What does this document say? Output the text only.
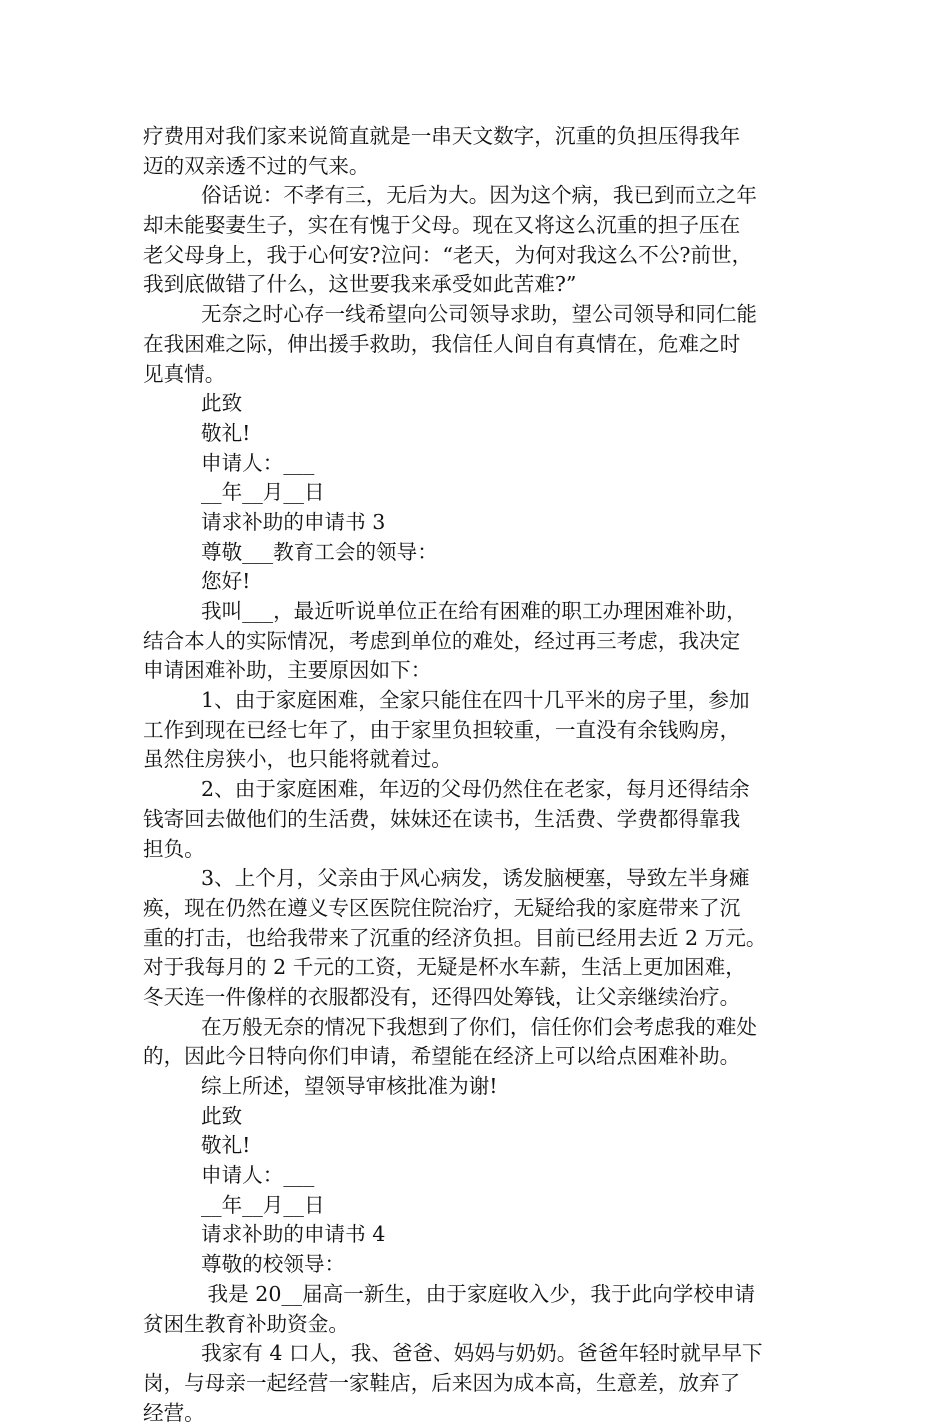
疗费用对我们家来说简直就是一串天文数字，沉重的负担压得我年
迈的双亲透不过的气来。
俗话说：不孝有三，无后为大。因为这个病，我已到而立之年
却未能娶妻生子，实在有愧于父母。现在又将这么沉重的担子压在
老父母身上，我于心何安?泣问：“老天，为何对我这么不公?前世，
我到底做错了什么，这世要我来承受如此苦难?”
无奈之时心存一线希望向公司领导求助，望公司领导和同仁能
在我困难之际，伸出援手救助，我信任人间自有真情在，危难之时
见真情。
此致
敬礼!
申请人：___
__年__月__日
请求补助的申请书 3
尊敬___教育工会的领导：
您好!
我叫___，最近听说单位正在给有困难的职工办理困难补助，
结合本人的实际情况，考虑到单位的难处，经过再三考虑，我决定
申请困难补助，主要原因如下：
1、由于家庭困难，全家只能住在四十几平米的房子里，参加
工作到现在已经七年了，由于家里负担较重，一直没有余钱购房，
虽然住房狭小，也只能将就着过。
2、由于家庭困难，年迈的父母仍然住在老家，每月还得结余
钱寄回去做他们的生活费，妹妹还在读书，生活费、学费都得靠我
担负。
3、上个月，父亲由于风心病发，诱发脑梗塞，导致左半身瘫
痪，现在仍然在遵义专区医院住院治疗，无疑给我的家庭带来了沉
重的打击，也给我带来了沉重的经济负担。目前已经用去近 2 万元。
对于我每月的 2 千元的工资，无疑是杯水车薪，生活上更加困难，
冬天连一件像样的衣服都没有，还得四处筹钱，让父亲继续治疗。
在万般无奈的情况下我想到了你们，信任你们会考虑我的难处
的，因此今日特向你们申请，希望能在经济上可以给点困难补助。
综上所述，望领导审核批准为谢!
此致
敬礼!
申请人：___
__年__月__日
请求补助的申请书 4
尊敬的校领导：
我是 20__届高一新生，由于家庭收入少，我于此向学校申请
贫困生教育补助资金。
我家有 4 口人，我、爸爸、妈妈与奶奶。爸爸年轻时就早早下
岗，与母亲一起经营一家鞋店，后来因为成本高，生意差，放弃了
经营。
